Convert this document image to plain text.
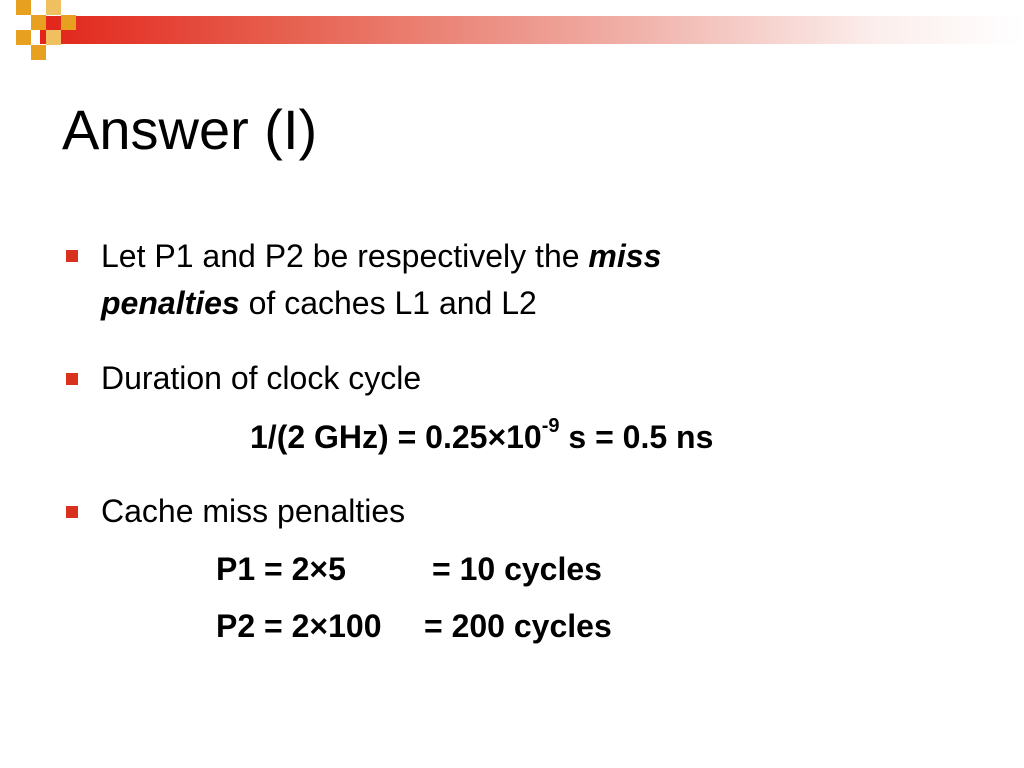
Answer (I)
Let P1 and P2 be respectively the miss
penalties of caches L1 and L2
Duration of clock cycle
1/(2 $GHz) = 0.25\times 10^{-9}$ s = 0.5 ns
Cache miss penalties
P1 = 2×5	= 10 cycles
P2 = 2×100 = 200 cycles
